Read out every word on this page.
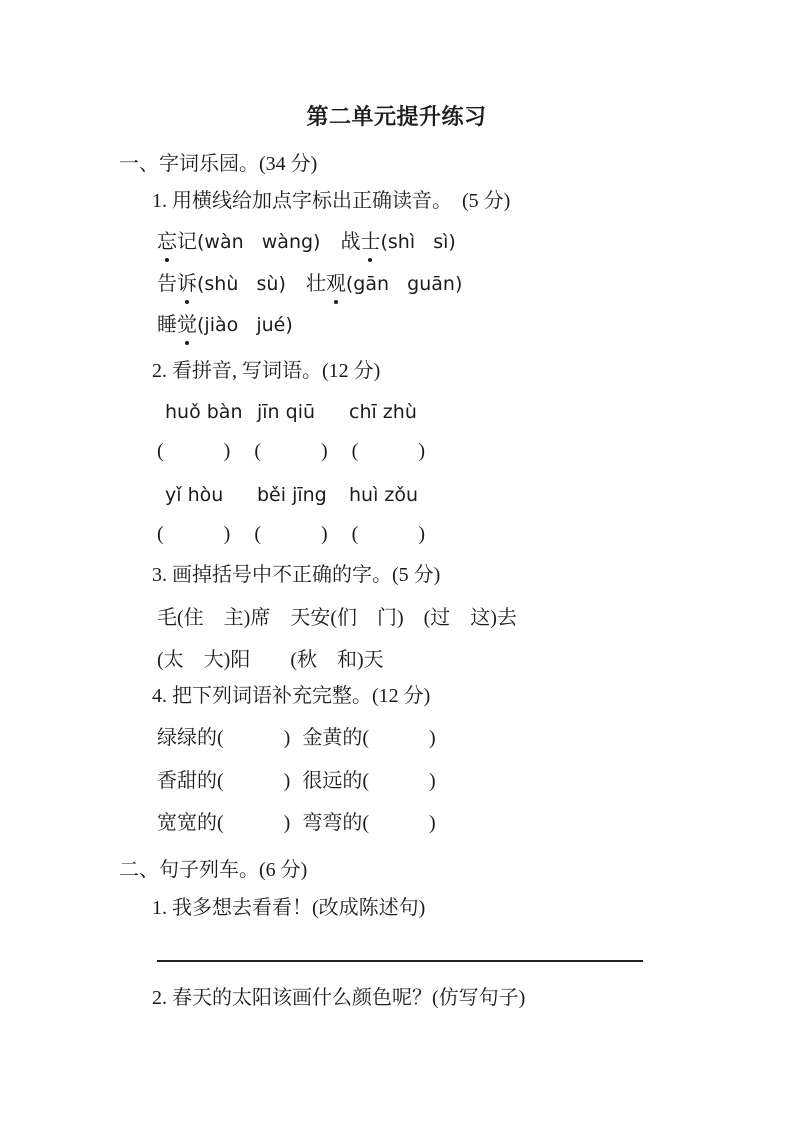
第二单元提升练习
一、字词乐园。(34 分)
1. 用横线给加点字标出正确读音。　(5 分)
忘记(wàn   wàng) 战士(shì   sì)
告诉(shù   sù) 壮观(gān   guān)
睡觉(jiào   jué)
2. 看拼音, 写词语。(12 分)
huǒ bàn jīn qiū chī zhù
(　　　) (　　　) (　　　)
yǐ hòu běi jīng huì zǒu
(　　　) (　　　) (　　　)
3. 画掉括号中不正确的字。(5 分)
毛(住　主)席　天安(们　门)　(过　这)去
(太　大)阳　　(秋　和)天
4. 把下列词语补充完整。(12 分)
绿绿的(　　　) 金黄的(　　　)
香甜的(　　　) 很远的(　　　)
宽宽的(　　　) 弯弯的(　　　)
二、句子列车。(6 分)
1. 我多想去看看！(改成陈述句)
2. 春天的太阳该画什么颜色呢？(仿写句子)
